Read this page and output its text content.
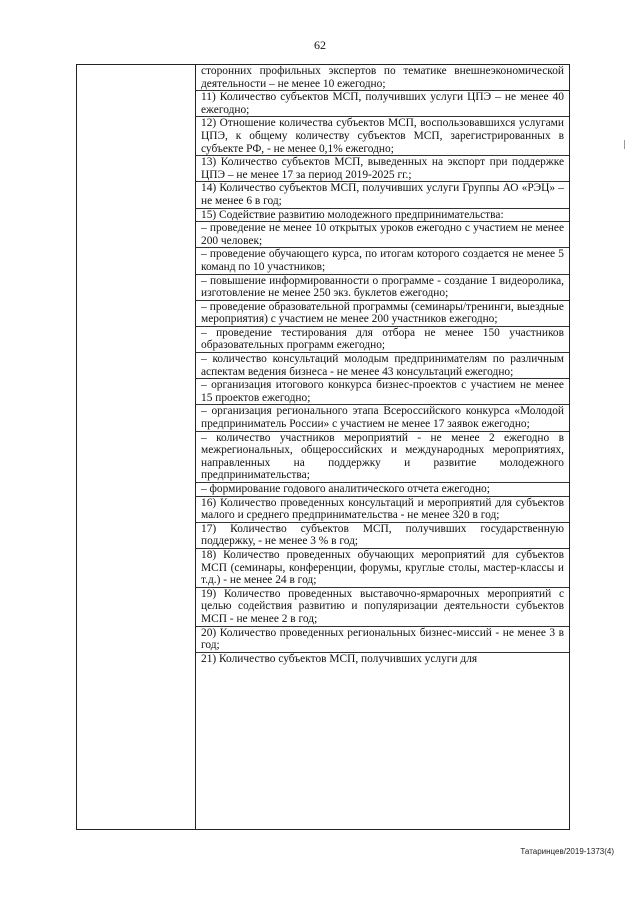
62

сторонних профильных экспертов по тематике внешнеэкономической деятельности – не менее 10 ежегодно;

11) Количество субъектов МСП, получивших услуги ЦПЭ – не менее 40 ежегодно;

12) Отношение количества субъектов МСП, воспользовавшихся услугами ЦПЭ, к общему количеству субъектов МСП, зарегистрированных в субъекте РФ, - не менее 0,1% ежегодно;

13) Количество субъектов МСП, выведенных на экспорт при поддержке ЦПЭ – не менее 17 за период 2019-2025 гг.;

14) Количество субъектов МСП, получивших услуги Группы АО «РЭЦ» – не менее 6 в год;

15) Содействие развитию молодежного предпринимательства:

– проведение не менее 10 открытых уроков ежегодно с участием не менее 200 человек;

– проведение обучающего курса, по итогам которого создается не менее 5 команд по 10 участников;

– повышение информированности о программе - создание 1 видеоролика, изготовление не менее 250 экз. буклетов ежегодно;

– проведение образовательной программы (семинары/тренинги, выездные мероприятия) с участием не менее 200 участников ежегодно;

– проведение тестирования для отбора не менее 150 участников образовательных программ ежегодно;

– количество консультаций молодым предпринимателям по различным аспектам ведения бизнеса - не менее 43 консультаций ежегодно;

– организация итогового конкурса бизнес-проектов с участием не менее 15 проектов ежегодно;

– организация регионального этапа Всероссийского конкурса «Молодой предприниматель России» с участием не менее 17 заявок ежегодно;

– количество участников мероприятий - не менее 2 ежегодно в межрегиональных, общероссийских и международных мероприятиях, направленных на поддержку и развитие молодежного предпринимательства;

– формирование годового аналитического отчета ежегодно;

16) Количество проведенных консультаций и мероприятий для субъектов малого и среднего предпринимательства - не менее 320 в год;

17) Количество субъектов МСП, получивших государственную поддержку, - не менее 3 % в год;

18) Количество проведенных обучающих мероприятий для субъектов МСП (семинары, конференции, форумы, круглые столы, мастер-классы и т.д.) - не менее 24 в год;

19) Количество проведенных выставочно-ярмарочных мероприятий с целью содействия развитию и популяризации деятельности субъектов МСП - не менее 2 в год;

20) Количество проведенных региональных бизнес-миссий - не менее 3 в год;

21) Количество субъектов МСП, получивших услуги для

Татаринцев/2019-1373(4)
